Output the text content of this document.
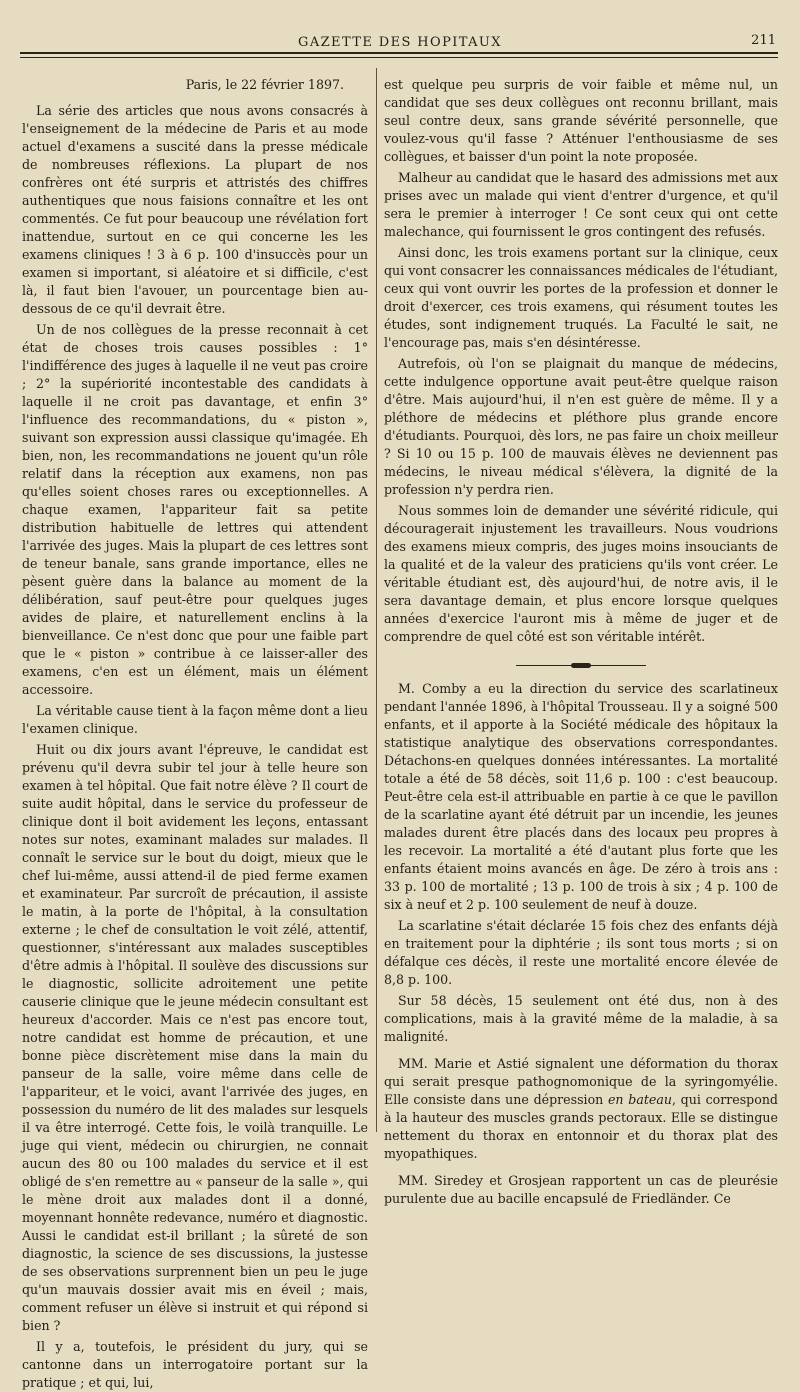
GAZETTE DES HOPITAUX	211
Paris, le 22 février 1897.

La série des articles que nous avons consacrés à l'enseignement de la médecine de Paris et au mode actuel d'examens a suscité dans la presse médicale de nombreuses réflexions. La plupart de nos confrères ont été surpris et attristés des chiffres authentiques que nous faisions connaître et les ont commentés. Ce fut pour beaucoup une révélation fort inattendue, surtout en ce qui concerne les les examens cliniques ! 3 à 6 p. 100 d'insuccès pour un examen si important, si aléatoire et si difficile, c'est là, il faut bien l'avouer, un pourcentage bien au-dessous de ce qu'il devrait être.

Un de nos collègues de la presse reconnait à cet état de choses trois causes possibles : 1° l'indifférence des juges à laquelle il ne veut pas croire ; 2° la supériorité incontestable des candidats à laquelle il ne croit pas davantage, et enfin 3° l'influence des recommandations, du « piston », suivant son expression aussi classique qu'imagée. Eh bien, non, les recommandations ne jouent qu'un rôle relatif dans la réception aux examens, non pas qu'elles soient choses rares ou exceptionnelles. A chaque examen, l'appariteur fait sa petite distribution habituelle de lettres qui attendent l'arrivée des juges. Mais la plupart de ces lettres sont de teneur banale, sans grande importance, elles ne pèsent guère dans la balance au moment de la délibération, sauf peut-être pour quelques juges avides de plaire, et naturellement enclins à la bienveillance. Ce n'est donc que pour une faible part que le « piston » contribue à ce laisser-aller des examens, c'en est un élément, mais un élément accessoire.

La véritable cause tient à la façon même dont a lieu l'examen clinique.

Huit ou dix jours avant l'épreuve, le candidat est prévenu qu'il devra subir tel jour à telle heure son examen à tel hôpital. Que fait notre élève ? Il court de suite audit hôpital, dans le service du professeur de clinique dont il boit avidement les leçons, entassant notes sur notes, examinant malades sur malades. Il connaît le service sur le bout du doigt, mieux que le chef lui-même, aussi attend-il de pied ferme examen et examinateur. Par surcroît de précaution, il assiste le matin, à la porte de l'hôpital, à la consultation externe ; le chef de consultation le voit zélé, attentif, questionner, s'intéressant aux malades susceptibles d'être admis à l'hôpital. Il soulève des discussions sur le diagnostic, sollicite adroitement une petite causerie clinique que le jeune médecin consultant est heureux d'accorder. Mais ce n'est pas encore tout, notre candidat est homme de précaution, et une bonne pièce discrètement mise dans la main du panseur de la salle, voire même dans celle de l'appariteur, et le voici, avant l'arrivée des juges, en possession du numéro de lit des malades sur lesquels il va être interrogé. Cette fois, le voilà tranquille. Le juge qui vient, médecin ou chirurgien, ne connait aucun des 80 ou 100 malades du service et il est obligé de s'en remettre au « panseur de la salle », qui le mène droit aux malades dont il a donné, moyennant honnête redevance, numéro et diagnostic. Aussi le candidat est-il brillant ; la sûreté de son diagnostic, la science de ses discussions, la justesse de ses observations surprennent bien un peu le juge qu'un mauvais dossier avait mis en éveil ; mais, comment refuser un élève si instruit et qui répond si bien ?

Il y a, toutefois, le président du jury, qui se cantonne dans un interrogatoire portant sur la pratique ; et qui, lui,

est quelque peu surpris de voir faible et même nul, un candidat que ses deux collègues ont reconnu brillant, mais seul contre deux, sans grande sévérité personnelle, que voulez-vous qu'il fasse ? Atténuer l'enthousiasme de ses collègues, et baisser d'un point la note proposée.

Malheur au candidat que le hasard des admissions met aux prises avec un malade qui vient d'entrer d'urgence, et qu'il sera le premier à interroger ! Ce sont ceux qui ont cette malechance, qui fournissent le gros contingent des refusés.

Ainsi donc, les trois examens portant sur la clinique, ceux qui vont consacrer les connaissances médicales de l'étudiant, ceux qui vont ouvrir les portes de la profession et donner le droit d'exercer, ces trois examens, qui résument toutes les études, sont indignement truqués. La Faculté le sait, ne l'encourage pas, mais s'en désintéresse.

Autrefois, où l'on se plaignait du manque de médecins, cette indulgence opportune avait peut-être quelque raison d'être. Mais aujourd'hui, il n'en est guère de même. Il y a pléthore de médecins et pléthore plus grande encore d'étudiants. Pourquoi, dès lors, ne pas faire un choix meilleur ? Si 10 ou 15 p. 100 de mauvais élèves ne deviennent pas médecins, le niveau médical s'élèvera, la dignité de la profession n'y perdra rien.

Nous sommes loin de demander une sévérité ridicule, qui découragerait injustement les travailleurs. Nous voudrions des examens mieux compris, des juges moins insouciants de la qualité et de la valeur des praticiens qu'ils vont créer. Le véritable étudiant est, dès aujourd'hui, de notre avis, il le sera davantage demain, et plus encore lorsque quelques années d'exercice l'auront mis à même de juger et de comprendre de quel côté est son véritable intérêt.

M. Comby a eu la direction du service des scarlatineux pendant l'année 1896, à l'hôpital Trousseau. Il y a soigné 500 enfants, et il apporte à la Société médicale des hôpitaux la statistique analytique des observations correspondantes. Détachons-en quelques données intéressantes. La mortalité totale a été de 58 décès, soit 11,6 p. 100 : c'est beaucoup. Peut-être cela est-il attribuable en partie à ce que le pavillon de la scarlatine ayant été détruit par un incendie, les jeunes malades durent être placés dans des locaux peu propres à les recevoir. La mortalité a été d'autant plus forte que les enfants étaient moins avancés en âge. De zéro à trois ans : 33 p. 100 de mortalité ; 13 p. 100 de trois à six ; 4 p. 100 de six à neuf et 2 p. 100 seulement de neuf à douze.

La scarlatine s'était déclarée 15 fois chez des enfants déjà en traitement pour la diphtérie ; ils sont tous morts ; si on défalque ces décès, il reste une mortalité encore élevée de 8,8 p. 100.

Sur 58 décès, 15 seulement ont été dus, non à des complications, mais à la gravité même de la maladie, à sa malignité.

MM. Marie et Astié signalent une déformation du thorax qui serait presque pathognomonique de la syringomyélie. Elle consiste dans une dépression en bateau, qui correspond à la hauteur des muscles grands pectoraux. Elle se distingue nettement du thorax en entonnoir et du thorax plat des myopathiques.

MM. Siredey et Grosjean rapportent un cas de pleurésie purulente due au bacille encapsulé de Friedländer. Ce
